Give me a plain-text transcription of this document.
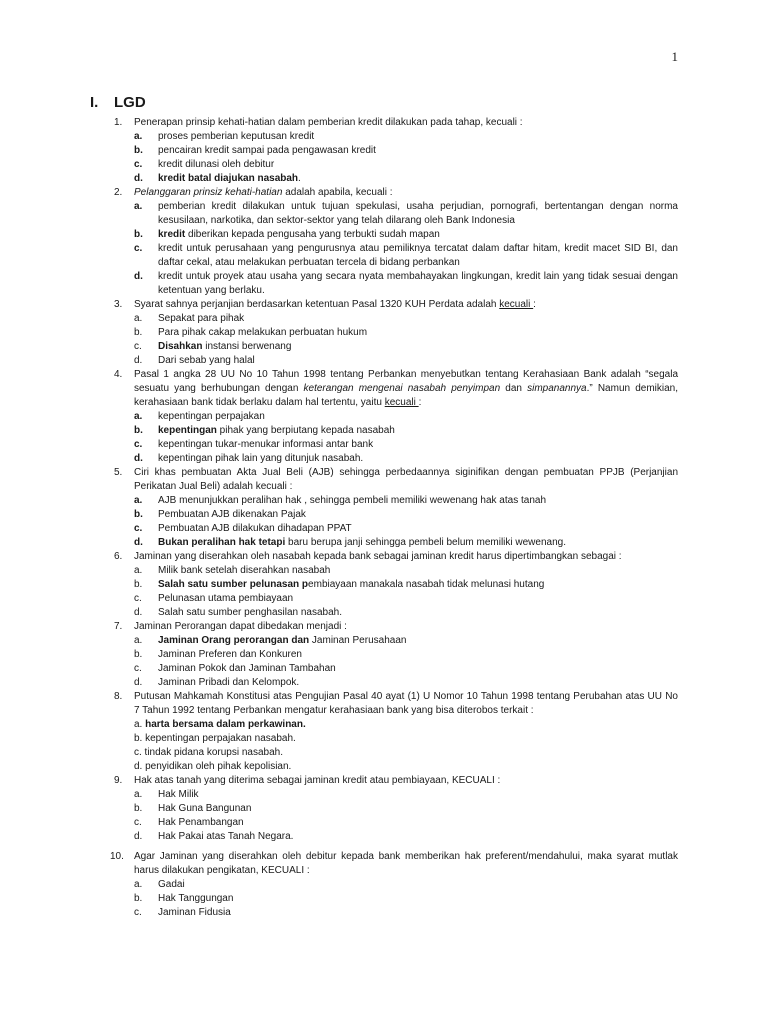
1
I. LGD
1.	Penerapan prinsip kehati-hatian dalam pemberian kredit dilakukan pada tahap, kecuali :
a.	proses pemberian keputusan kredit
b.	pencairan kredit sampai pada pengawasan kredit
c.	kredit dilunasi oleh debitur
d.	kredit batal diajukan nasabah.
2.	Pelanggaran prinsiz kehati-hatian adalah apabila, kecuali :
a.	pemberian kredit dilakukan untuk tujuan spekulasi, usaha perjudian, pornografi, bertentangan dengan norma kesusilaan, narkotika, dan sektor-sektor yang telah dilarang oleh Bank Indonesia
b.	kredit diberikan kepada pengusaha yang terbukti sudah mapan
c.	kredit untuk perusahaan yang pengurusnya atau pemiliknya tercatat dalam daftar hitam, kredit macet SID BI, dan daftar cekal, atau melakukan perbuatan tercela di bidang perbankan
d.	kredit untuk proyek atau usaha yang secara nyata membahayakan lingkungan, kredit lain yang tidak sesuai dengan ketentuan yang berlaku.
3.	Syarat sahnya perjanjian berdasarkan ketentuan Pasal 1320 KUH Perdata adalah kecuali :
a.	Sepakat para pihak
b.	Para pihak cakap melakukan perbuatan hukum
c.	Disahkan instansi berwenang
d.	Dari sebab yang halal
4.	Pasal 1 angka 28 UU No 10 Tahun 1998 tentang Perbankan menyebutkan tentang Kerahasiaan Bank adalah “segala sesuatu yang berhubungan dengan keterangan mengenai nasabah penyimpan dan simpanannya.” Namun demikian, kerahasiaan bank tidak berlaku dalam hal tertentu, yaitu kecuali :
a.	kepentingan perpajakan
b.	kepentingan pihak yang berpiutang kepada nasabah
c.	kepentingan tukar-menukar informasi antar bank
d.	kepentingan pihak lain yang ditunjuk nasabah.
5.	Ciri khas pembuatan Akta Jual Beli (AJB) sehingga perbedaannya siginifikan dengan pembuatan PPJB (Perjanjian Perikatan Jual Beli) adalah kecuali :
a.	AJB menunjukkan peralihan hak , sehingga pembeli memiliki wewenang hak atas tanah
b.	Pembuatan AJB dikenakan Pajak
c.	Pembuatan AJB dilakukan dihadapan PPAT
d.	Bukan peralihan hak tetapi baru berupa janji sehingga pembeli belum memiliki wewenang.
6.	Jaminan yang diserahkan oleh nasabah kepada bank sebagai jaminan kredit harus dipertimbangkan sebagai :
a.	Milik bank setelah diserahkan nasabah
b.	Salah satu sumber pelunasan pembiayaan manakala nasabah tidak melunasi hutang
c.	Pelunasan utama pembiayaan
d.	Salah satu sumber penghasilan nasabah.
7.	Jaminan Perorangan dapat dibedakan menjadi :
a.	Jaminan Orang perorangan dan Jaminan Perusahaan
b.	Jaminan Preferen dan Konkuren
c.	Jaminan Pokok dan Jaminan Tambahan
d.	Jaminan Pribadi dan Kelompok.
8.	Putusan Mahkamah Konstitusi atas Pengujian Pasal 40 ayat (1) U Nomor 10 Tahun 1998 tentang Perubahan atas UU No 7 Tahun 1992 tentang Perbankan mengatur kerahasiaan bank yang bisa diterobos terkait :
a. harta bersama dalam perkawinan.
b. kepentingan perpajakan nasabah.
c. tindak pidana korupsi nasabah.
d. penyidikan oleh pihak kepolisian.
9.	Hak atas tanah yang diterima sebagai jaminan kredit atau pembiayaan, KECUALI :
a.	Hak Milik
b.	Hak Guna Bangunan
c.	Hak Penambangan
d.	Hak Pakai atas Tanah Negara.
10.	Agar Jaminan yang diserahkan oleh debitur kepada bank memberikan hak preferent/mendahului, maka syarat mutlak harus dilakukan pengikatan, KECUALI :
a.	Gadai
b.	Hak Tanggungan
c.	Jaminan Fidusia
